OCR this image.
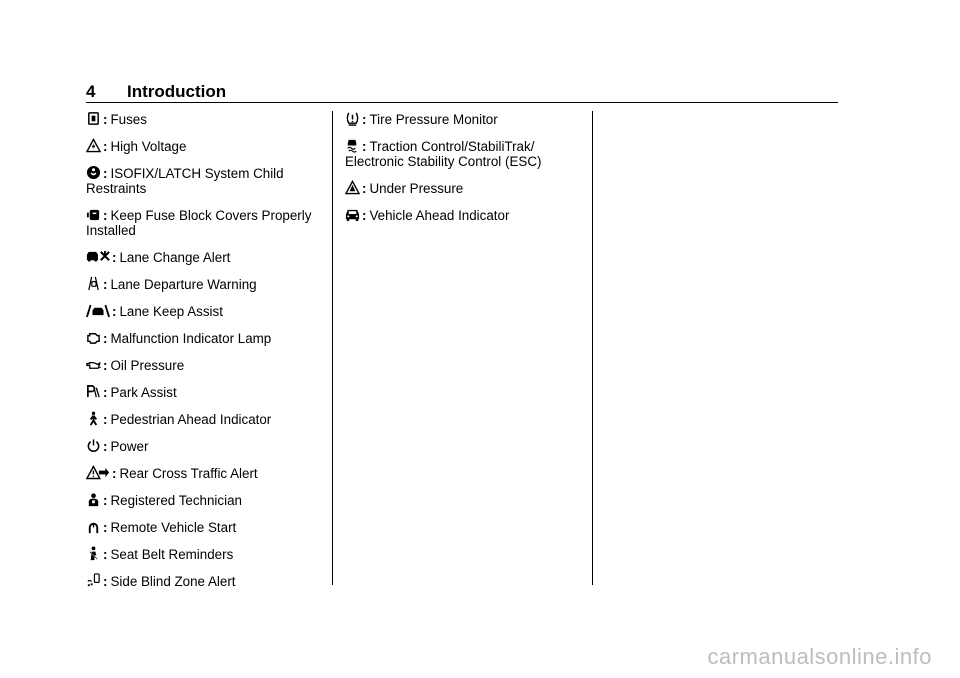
4 Introduction
: Fuses
: High Voltage
: ISOFIX/LATCH System Child Restraints
: Keep Fuse Block Covers Properly Installed
: Lane Change Alert
: Lane Departure Warning
: Lane Keep Assist
: Malfunction Indicator Lamp
: Oil Pressure
: Park Assist
: Pedestrian Ahead Indicator
: Power
: Rear Cross Traffic Alert
: Registered Technician
: Remote Vehicle Start
: Seat Belt Reminders
: Side Blind Zone Alert
: Tire Pressure Monitor
: Traction Control/StabiliTrak/ Electronic Stability Control (ESC)
: Under Pressure
: Vehicle Ahead Indicator
carmanualsonline.info
